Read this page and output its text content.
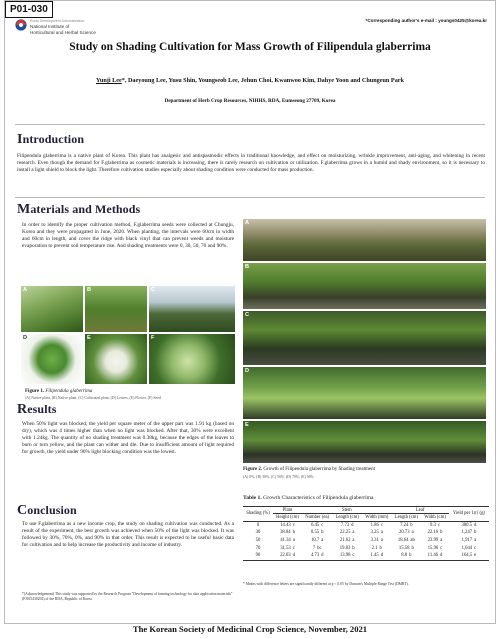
P01-030
Rural Development Administration
National Institute of
Horticultural and Herbal Science
*Corresponding author's e-mail : youngs0425@korea.kr
Study on Shading Cultivation for Mass Growth of Filipendula glaberrima
Yunji Lee*, Daeyoung Lee, Yusu Shin, Youngseob Lee, Jehun Choi, Kwanwoo Kim, Dahye Yoon and Chungeun Park
Department of Herb Crop Resources, NIHHS, RDA, Eumseong 27709, Korea
Introduction
Filipendula glaberrima is a native plant of Korea. This plant has analgesic and antispasmodic effects in traditional knowledge, and effect on moisturizing, wrinkle improvement, anti-aging, and whitening in recent research. Even though the demand for F.glaberrima as cosmetic materials is increasing, there is rarely research on cultivation or utilization. F.glaberrima grows in a humid and shady environment, so it is necessary to install a light shield to block the light. Therefore cultivation studies especially about shading condition were conducted for mass production.
Materials and Methods
In order to identify the proper cultivation method, F.glaberrima seeds were collected at Chungju, Korea and they were propagated in June, 2020. When planting, the intervals were 60cm in width and 60cm in length, and cover the ridge with black vinyl that can prevent weeds and moisture evaporation to prevent soil temperature rise. And shading treatments were 0, 30, 50, 70 and 90%.
A	B	C
D	E	F
Figure 1. Filipendula glaberrima
(A) Native plant, (B) Native plant, (C) Cultivated plant, (D) Leaves, (E) Flower, (F) Seed
Results
When 50% light was blocked, the yield per square meter of the upper part was 1.91 kg (based on dry), which was 4 times higher than when no light was blocked. After that, 30% were excellent with 1.24kg. The quantity of no shading treatment was 0.38kg, because the edges of the leaves to burn or turn yellow, and the plant can wither and die. Due to insufficient amount of light required for growth, the yield under 90% light blocking condition was the lowest.
Conclusion
To use F.glaberrima as a new income crop, the study on shading cultivation was conducted. As a result of the experiment, the best growth was achieved when 50% of the light was blocked. It was followed by 30%, 70%, 0%, and 90% in that order. This result is expected to be useful basic data for cultivation and to help increase the productivity and income of industry.
*(Acknowledgement) This study was supported by the Research Program "Development of farming technology for skin application materials" (PJ015430202) of the RDA, Republic of Korea.
A
B
C
D
E
Figure 2. Growth of Filipendula glaberrima by Shading treatment
(A) 0%, (B) 30%, (C) 50%, (D) 70%, (E) 90%
Table 1. Growth Characteristics of Filipendula glaberrima
Shading (%)	Plant	Stem			Leaf		Yield per 1㎡ (g)
	Height (cm)	Number (ea)	Length (cm)	Width (mm)	Length (cm)	Width (cm)	
0	14.43 c	6.45 c	7.73 d	1.86 c	7.24 b	9.3 c	380.5 d
30	38.84 b	8.55 b	22.25 a	3.25 a	20.73 a	22.16 b	1,247 b
50	41.34 a	10.7 a	21.62 a	3.31 a	18.64 ab	23.99 a	1,917 a
70	31.53 c	7 bc	19.83 b	2.1 b	15.58 b	15.96 c	1,044 c
90	22.03 d	4.73 d	13.98 c	1.45 d	8.8 b	11.46 d	164.5 e
* Means with difference letters are significantly different at p < 0.05 by Duncan's Multiple Range Test (DMRT).
The Korean Society of Medicinal Crop Science, November, 2021
